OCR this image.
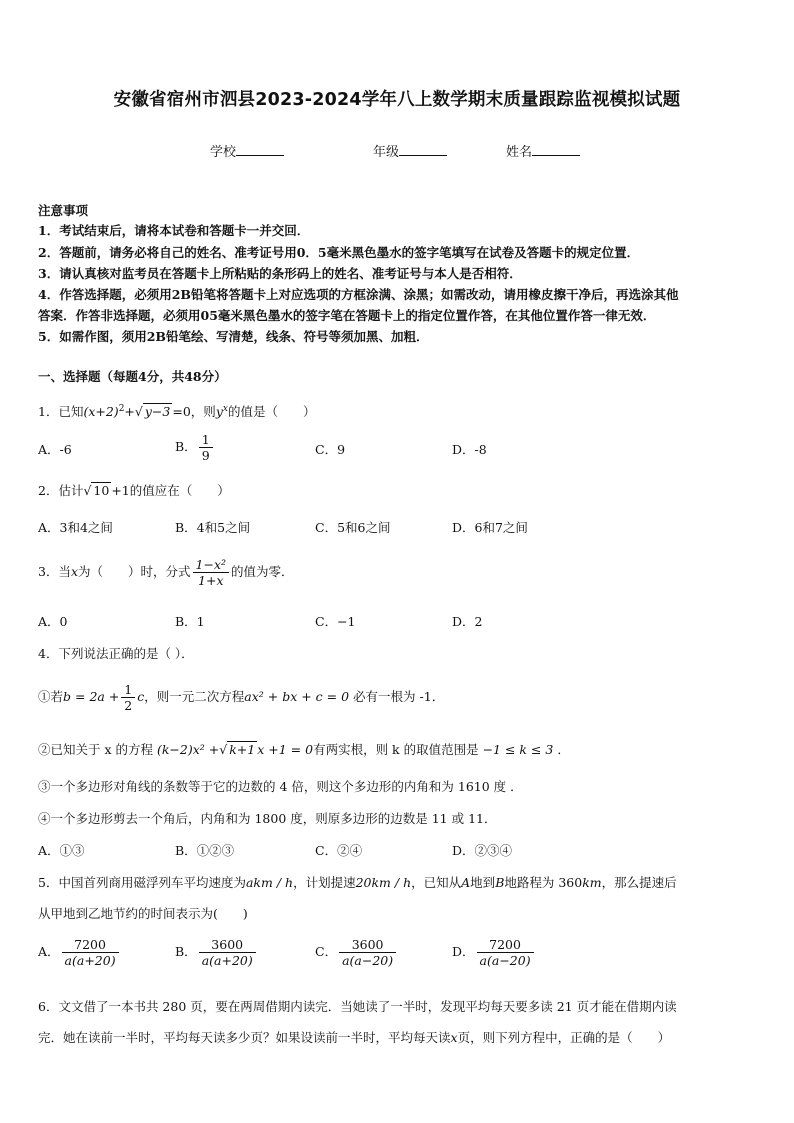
安徽省宿州市泗县2023-2024学年八上数学期末质量跟踪监视模拟试题
学校	年级	姓名
注意事项
1．考试结束后，请将本试卷和答题卡一并交回．
2．答题前，请务必将自己的姓名、准考证号用0．5毫米黑色墨水的签字笔填写在试卷及答题卡的规定位置．
3．请认真核对监考员在答题卡上所粘贴的条形码上的姓名、准考证号与本人是否相符．
4．作答选择题，必须用2B铅笔将答题卡上对应选项的方框涂满、涂黑；如需改动，请用橡皮擦干净后，再选涂其他
答案．作答非选择题，必须用05毫米黑色墨水的签字笔在答题卡上的指定位置作答，在其他位置作答一律无效．
5．如需作图，须用2B铅笔绘、写清楚，线条、符号等须加黑、加粗．
一、选择题（每题4分，共48分）
1．已知$(x+2)^2+√$ y−3 =0，则$y^x$的值是（　　）
A．-6	B． $\frac{1}{9}$	C．9	D．-8
2．估计√ 10 +1的值应在（　　）
A．3和4之间	B．4和5之间	C．5和6之间	D．6和7之间
3．当x为（　　）时，分式 $\frac{\text{1−x²}}{1+x}$ 的值为零．
A．0	B．1	C．−1	D．2
4．下列说法正确的是（ ）．
①若$b = 2a + \frac{1}{2}$ c，则一元二次方程ax² + bx + c = 0 必有一根为 -1．
②已知关于 x 的方程 (k−2)x² +√ k+1 x +1 = 0有两实根，则 k 的取值范围是 −1 ≤ k ≤ 3 ．
③一个多边形对角线的条数等于它的边数的 4 倍，则这个多边形的内角和为 1610 度 ．
④一个多边形剪去一个角后，内角和为 1800 度，则原多边形的边数是 11 或 11．
A．①③	B．①②③	C．②④	D．②③④
5．中国首列商用磁浮列车平均速度为akm / h，计划提速20km / h，已知从A地到B地路程为 360km，那么提速后
从甲地到乙地节约的时间表示为(　　)
A． $\frac{7200}{a(a+20)}$	B． $\frac{3600}{a(a+20)}$	C． $\frac{3600}{a(a-20)}$	D． $\frac{7200}{a(a-20)}$
6．文文借了一本书共 280 页，要在两周借期内读完．当她读了一半时，发现平均每天要多读 21 页才能在借期内读
完．她在读前一半时，平均每天读多少页？如果设读前一半时，平均每天读x页，则下列方程中，正确的是（　　）
